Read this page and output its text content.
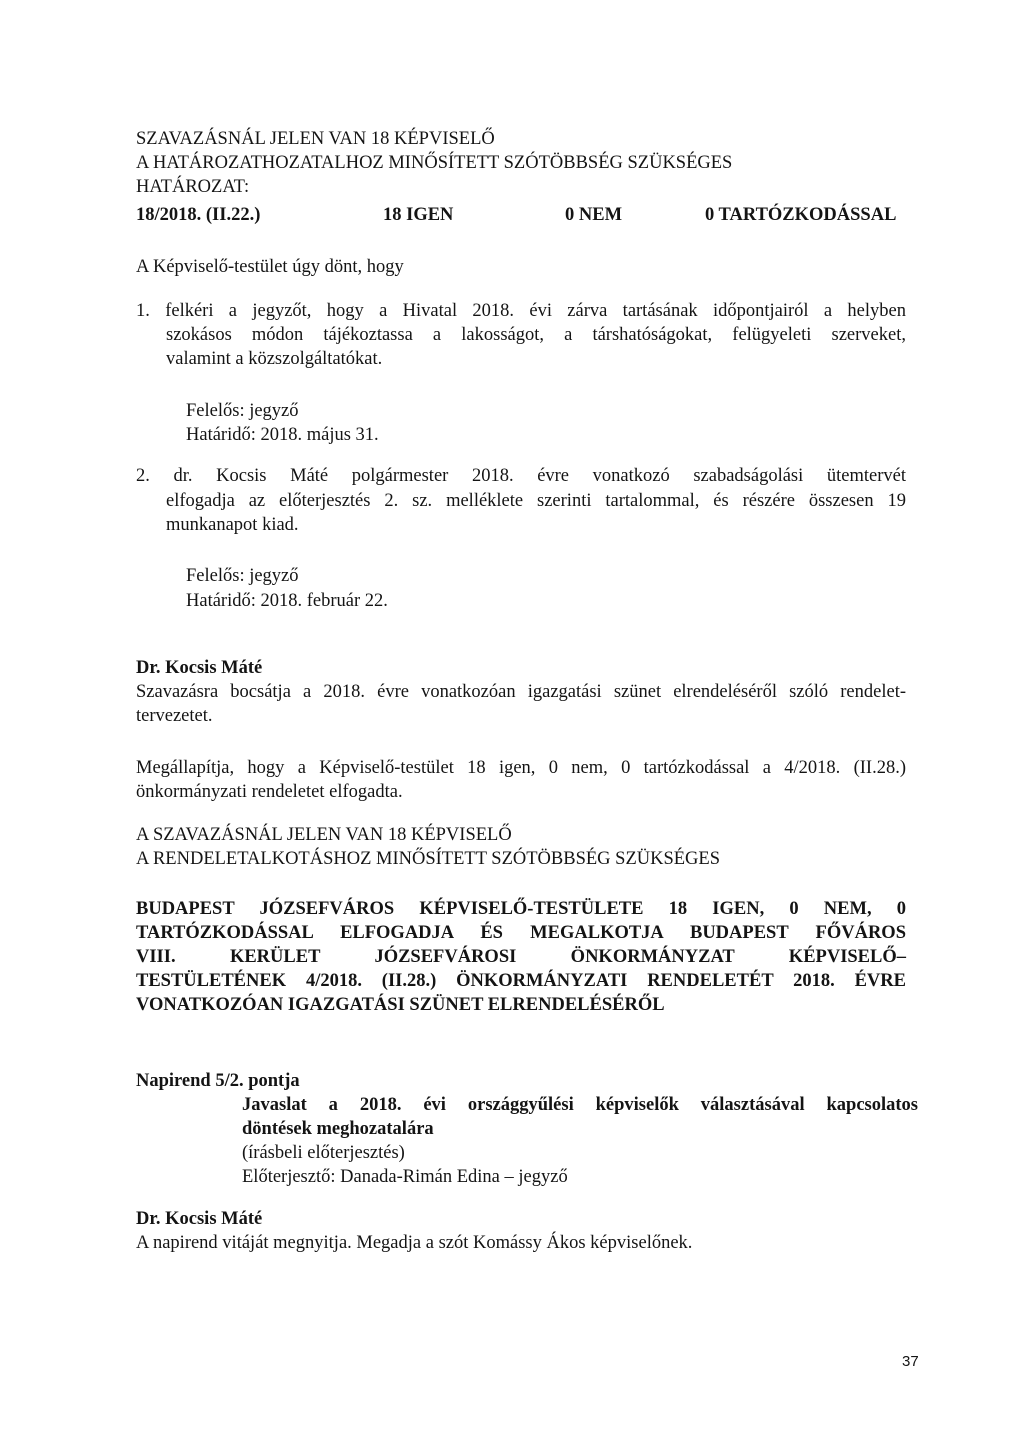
SZAVAZÁSNÁL JELEN VAN 18 KÉPVISELŐ
A HATÁROZATHOZATALHOZ MINŐSÍTETT SZÓTÖBBSÉG SZÜKSÉGES
HATÁROZAT:
18/2018. (II.22.)	18 IGEN	0 NEM	0 TARTÓZKODÁSSAL
A Képviselő-testület úgy dönt, hogy
1. felkéri a jegyzőt, hogy a Hivatal 2018. évi zárva tartásának időpontjairól a helyben
szokásos módon tájékoztassa a lakosságot, a társhatóságokat, felügyeleti szerveket,
valamint a közszolgáltatókat.
Felelős: jegyző
Határidő: 2018. május 31.
2. dr. Kocsis Máté polgármester 2018. évre vonatkozó szabadságolási ütemtervét
elfogadja az előterjesztés 2. sz. melléklete szerinti tartalommal, és részére összesen 19
munkanapot kiad.
Felelős: jegyző
Határidő: 2018. február 22.
Dr. Kocsis Máté
Szavazásra bocsátja a 2018. évre vonatkozóan igazgatási szünet elrendeléséről szóló rendelet-
tervezetet.
Megállapítja, hogy a Képviselő-testület 18 igen, 0 nem, 0 tartózkodással a 4/2018. (II.28.)
önkormányzati rendeletet elfogadta.
A SZAVAZÁSNÁL JELEN VAN 18 KÉPVISELŐ
A RENDELETALKOTÁSHOZ MINŐSÍTETT SZÓTÖBBSÉG SZÜKSÉGES
BUDAPEST JÓZSEFVÁROS KÉPVISELŐ-TESTÜLETE 18 IGEN, 0 NEM, 0
TARTÓZKODÁSSAL ELFOGADJA ÉS MEGALKOTJA BUDAPEST FŐVÁROS
VIII. KERÜLET JÓZSEFVÁROSI ÖNKORMÁNYZAT KÉPVISELŐ–
TESTÜLETÉNEK 4/2018. (II.28.) ÖNKORMÁNYZATI RENDELETÉT 2018. ÉVRE
VONATKOZÓAN IGAZGATÁSI SZÜNET ELRENDELÉSÉRŐL
Napirend 5/2. pontja
Javaslat a 2018. évi országgyűlési képviselők választásával kapcsolatos
döntések meghozatalára
(írásbeli előterjesztés)
Előterjesztő: Danada-Rimán Edina – jegyző
Dr. Kocsis Máté
A napirend vitáját megnyitja. Megadja a szót Komássy Ákos képviselőnek.
37
